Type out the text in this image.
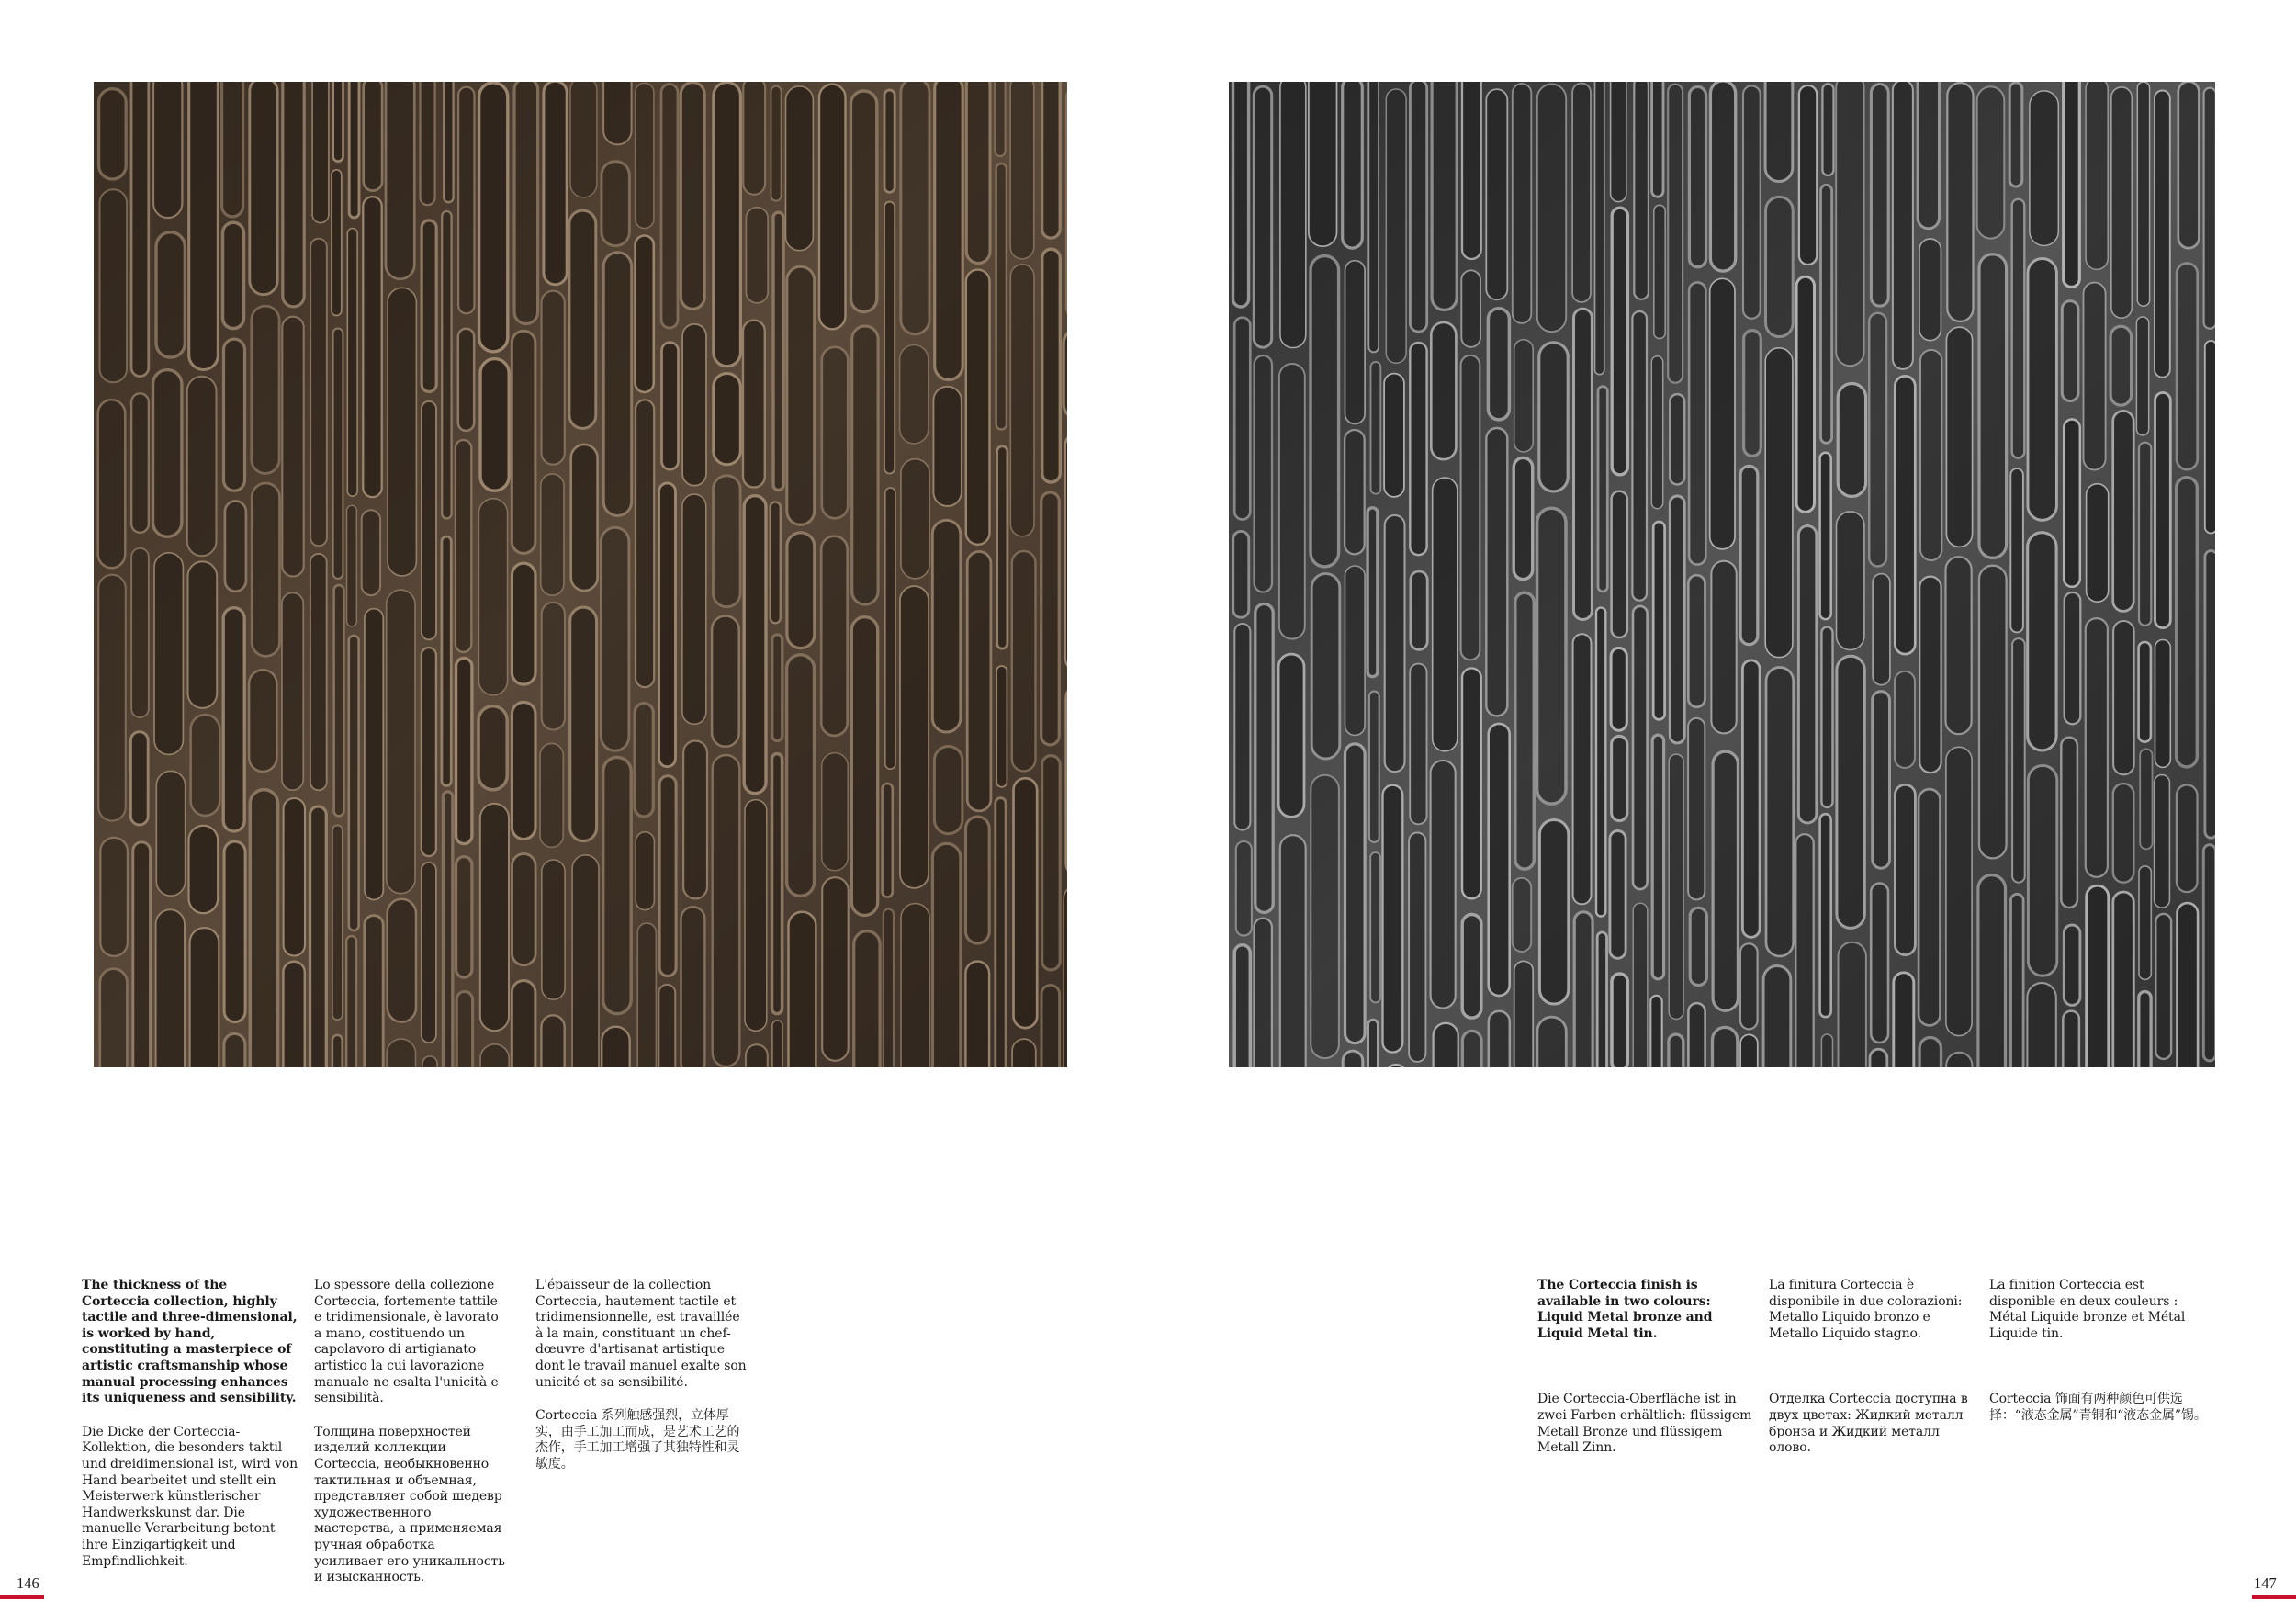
The thickness of the Corteccia collection, highly tactile and three-dimensional, is worked by hand, constituting a masterpiece of artistic craftsmanship whose manual processing enhances its uniqueness and sensibility.

Die Dicke der Corteccia-Kollektion, die besonders taktil und dreidimensional ist, wird von Hand bearbeitet und stellt ein Meisterwerk künstlerischer Handwerkskunst dar. Die manuelle Verarbeitung betont ihre Einzigartigkeit und Empfindlichkeit.

Lo spessore della collezione Corteccia, fortemente tattile e tridimensionale, è lavorato a mano, costituendo un capolavoro di artigianato artistico la cui lavorazione manuale ne esalta l'unicità e sensibilità.

Толщина поверхностей изделий коллекции Corteccia, необыкновенно тактильная и объемная, представляет собой шедевр художественного мастерства, а применяемая ручная обработка усиливает его уникальность и изысканность.

L'épaisseur de la collection Corteccia, hautement tactile et tridimensionnelle, est travaillée à la main, constituant un chef-dœuvre d'artisanat artistique dont le travail manuel exalte son unicité et sa sensibilité.

Corteccia 系列触感强烈，立体厚实，由手工加工而成，是艺术工艺的杰作，手工加工增强了其独特性和灵敏度。

146

The Corteccia finish is available in two colours: Liquid Metal bronze and Liquid Metal tin.

Die Corteccia-Oberfläche ist in zwei Farben erhältlich: flüssigem Metall Bronze und flüssigem Metall Zinn.

La finitura Corteccia è disponibile in due colorazioni: Metallo Liquido bronzo e Metallo Liquido stagno.

Отделка Corteccia доступна в двух цветах: Жидкий металл бронза и Жидкий металл олово.

La finition Corteccia est disponible en deux couleurs : Métal Liquide bronze et Métal Liquide tin.

Corteccia 饰面有两种颜色可供选择：“液态金属”青铜和“液态金属”锡。

147
